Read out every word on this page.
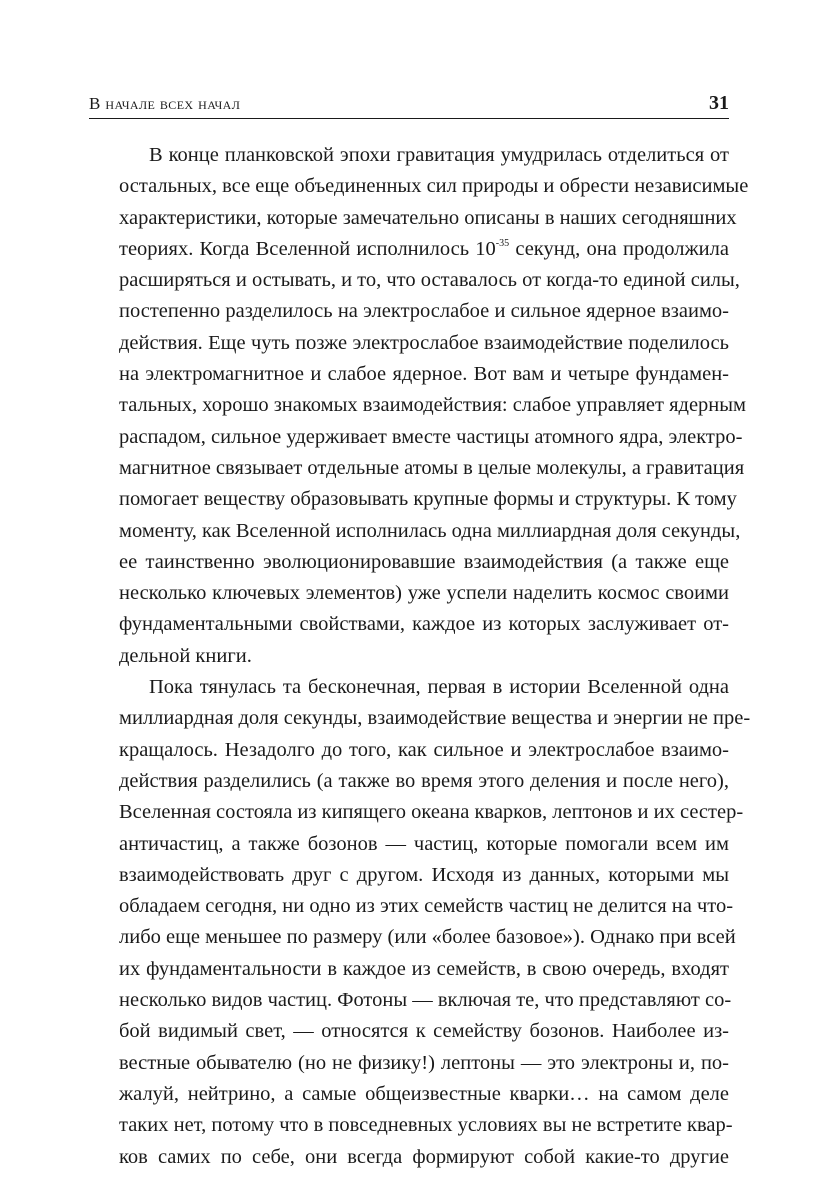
В начале всех начал	31

В конце планковской эпохи гравитация умудрилась отделиться от
остальных, все еще объединенных сил природы и обрести независимые
характеристики, которые замечательно описаны в наших сегодняшних
теориях. Когда Вселенной исполнилось $10^{-35}$ секунд, она продолжила
расширяться и остывать, и то, что оставалось от когда-то единой силы,
постепенно разделилось на электрослабое и сильное ядерное взаимо-
действия. Еще чуть позже электрослабое взаимодействие поделилось
на электромагнитное и слабое ядерное. Вот вам и четыре фундамен-
тальных, хорошо знакомых взаимодействия: слабое управляет ядерным
распадом, сильное удерживает вместе частицы атомного ядра, электро-
магнитное связывает отдельные атомы в целые молекулы, а гравитация
помогает веществу образовывать крупные формы и структуры. К тому
моменту, как Вселенной исполнилась одна миллиардная доля секунды,
ее таинственно эволюционировавшие взаимодействия (а также еще
несколько ключевых элементов) уже успели наделить космос своими
фундаментальными свойствами, каждое из которых заслуживает от-
дельной книги.

Пока тянулась та бесконечная, первая в истории Вселенной одна
миллиардная доля секунды, взаимодействие вещества и энергии не пре-
кращалось. Незадолго до того, как сильное и электрослабое взаимо-
действия разделились (а также во время этого деления и после него),
Вселенная состояла из кипящего океана кварков, лептонов и их сестер-
античастиц, а также бозонов — частиц, которые помогали всем им
взаимодействовать друг с другом. Исходя из данных, которыми мы
обладаем сегодня, ни одно из этих семейств частиц не делится на что-
либо еще меньшее по размеру (или «более базовое»). Однако при всей
их фундаментальности в каждое из семейств, в свою очередь, входят
несколько видов частиц. Фотоны — включая те, что представляют со-
бой видимый свет, — относятся к семейству бозонов. Наиболее из-
вестные обывателю (но не физику!) лептоны — это электроны и, по-
жалуй, нейтрино, а самые общеизвестные кварки… на самом деле
таких нет, потому что в повседневных условиях вы не встретите квар-
ков самих по себе, они всегда формируют собой какие-то другие
